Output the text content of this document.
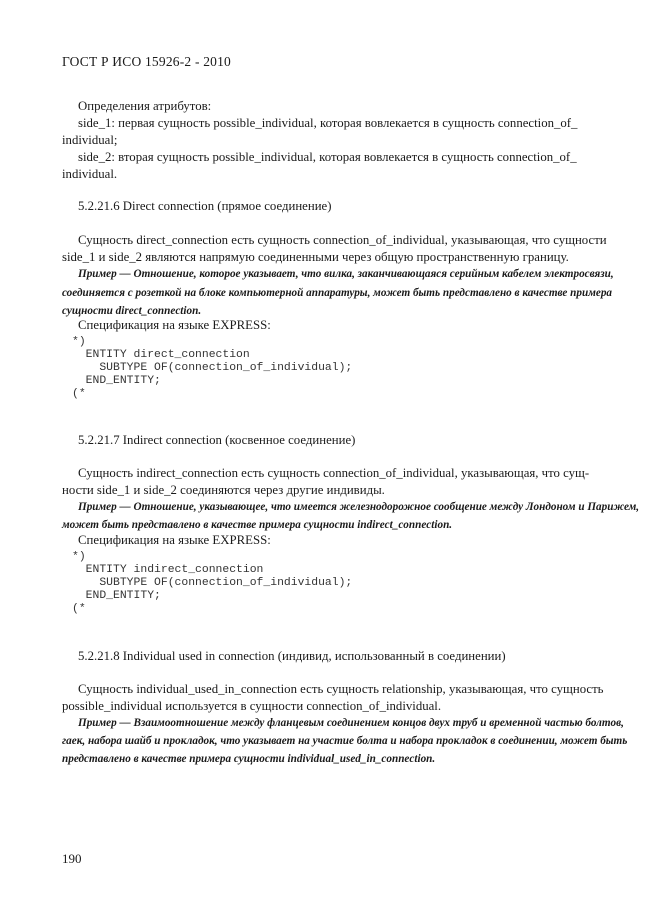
ГОСТ Р ИСО 15926-2 - 2010
Определения атрибутов:
side_1: первая сущность possible_individual, которая вовлекается в сущность connection_of_
individual;
side_2: вторая сущность possible_individual, которая вовлекается в сущность connection_of_
individual.
5.2.21.6 Direct connection (прямое соединение)
Сущность direct_connection есть сущность connection_of_individual, указывающая, что сущности
side_1 и side_2 являются напрямую соединенными через общую пространственную границу.
Пример — Отношение, которое указывает, что вилка, заканчивающаяся серийным кабелем электросвязи,
соединяется с розеткой на блоке компьютерной аппаратуры, может быть представлено в качестве примера
сущности direct_connection.
Спецификация на языке EXPRESS:
*)
ENTITY direct_connection
SUBTYPE OF(connection_of_individual);
END_ENTITY;
(*
5.2.21.7 Indirect connection (косвенное соединение)
Сущность indirect_connection есть сущность connection_of_individual, указывающая, что сущ-
ности side_1 и side_2 соединяются через другие индивиды.
Пример — Отношение, указывающее, что имеется железнодорожное сообщение между Лондоном и Парижем,
может быть представлено в качестве примера сущности indirect_connection.
Спецификация на языке EXPRESS:
*)
ENTITY indirect_connection
SUBTYPE OF(connection_of_individual);
END_ENTITY;
(*
5.2.21.8 Individual used in connection (индивид, использованный в соединении)
Сущность individual_used_in_connection есть сущность relationship, указывающая, что сущность
possible_individual используется в сущности connection_of_individual.
Пример — Взаимоотношение между фланцевым соединением концов двух труб и временной частью болтов,
гаек, набора шайб и прокладок, что указывает на участие болта и набора прокладок в соединении, может быть
представлено в качестве примера сущности individual_used_in_connection.
190
